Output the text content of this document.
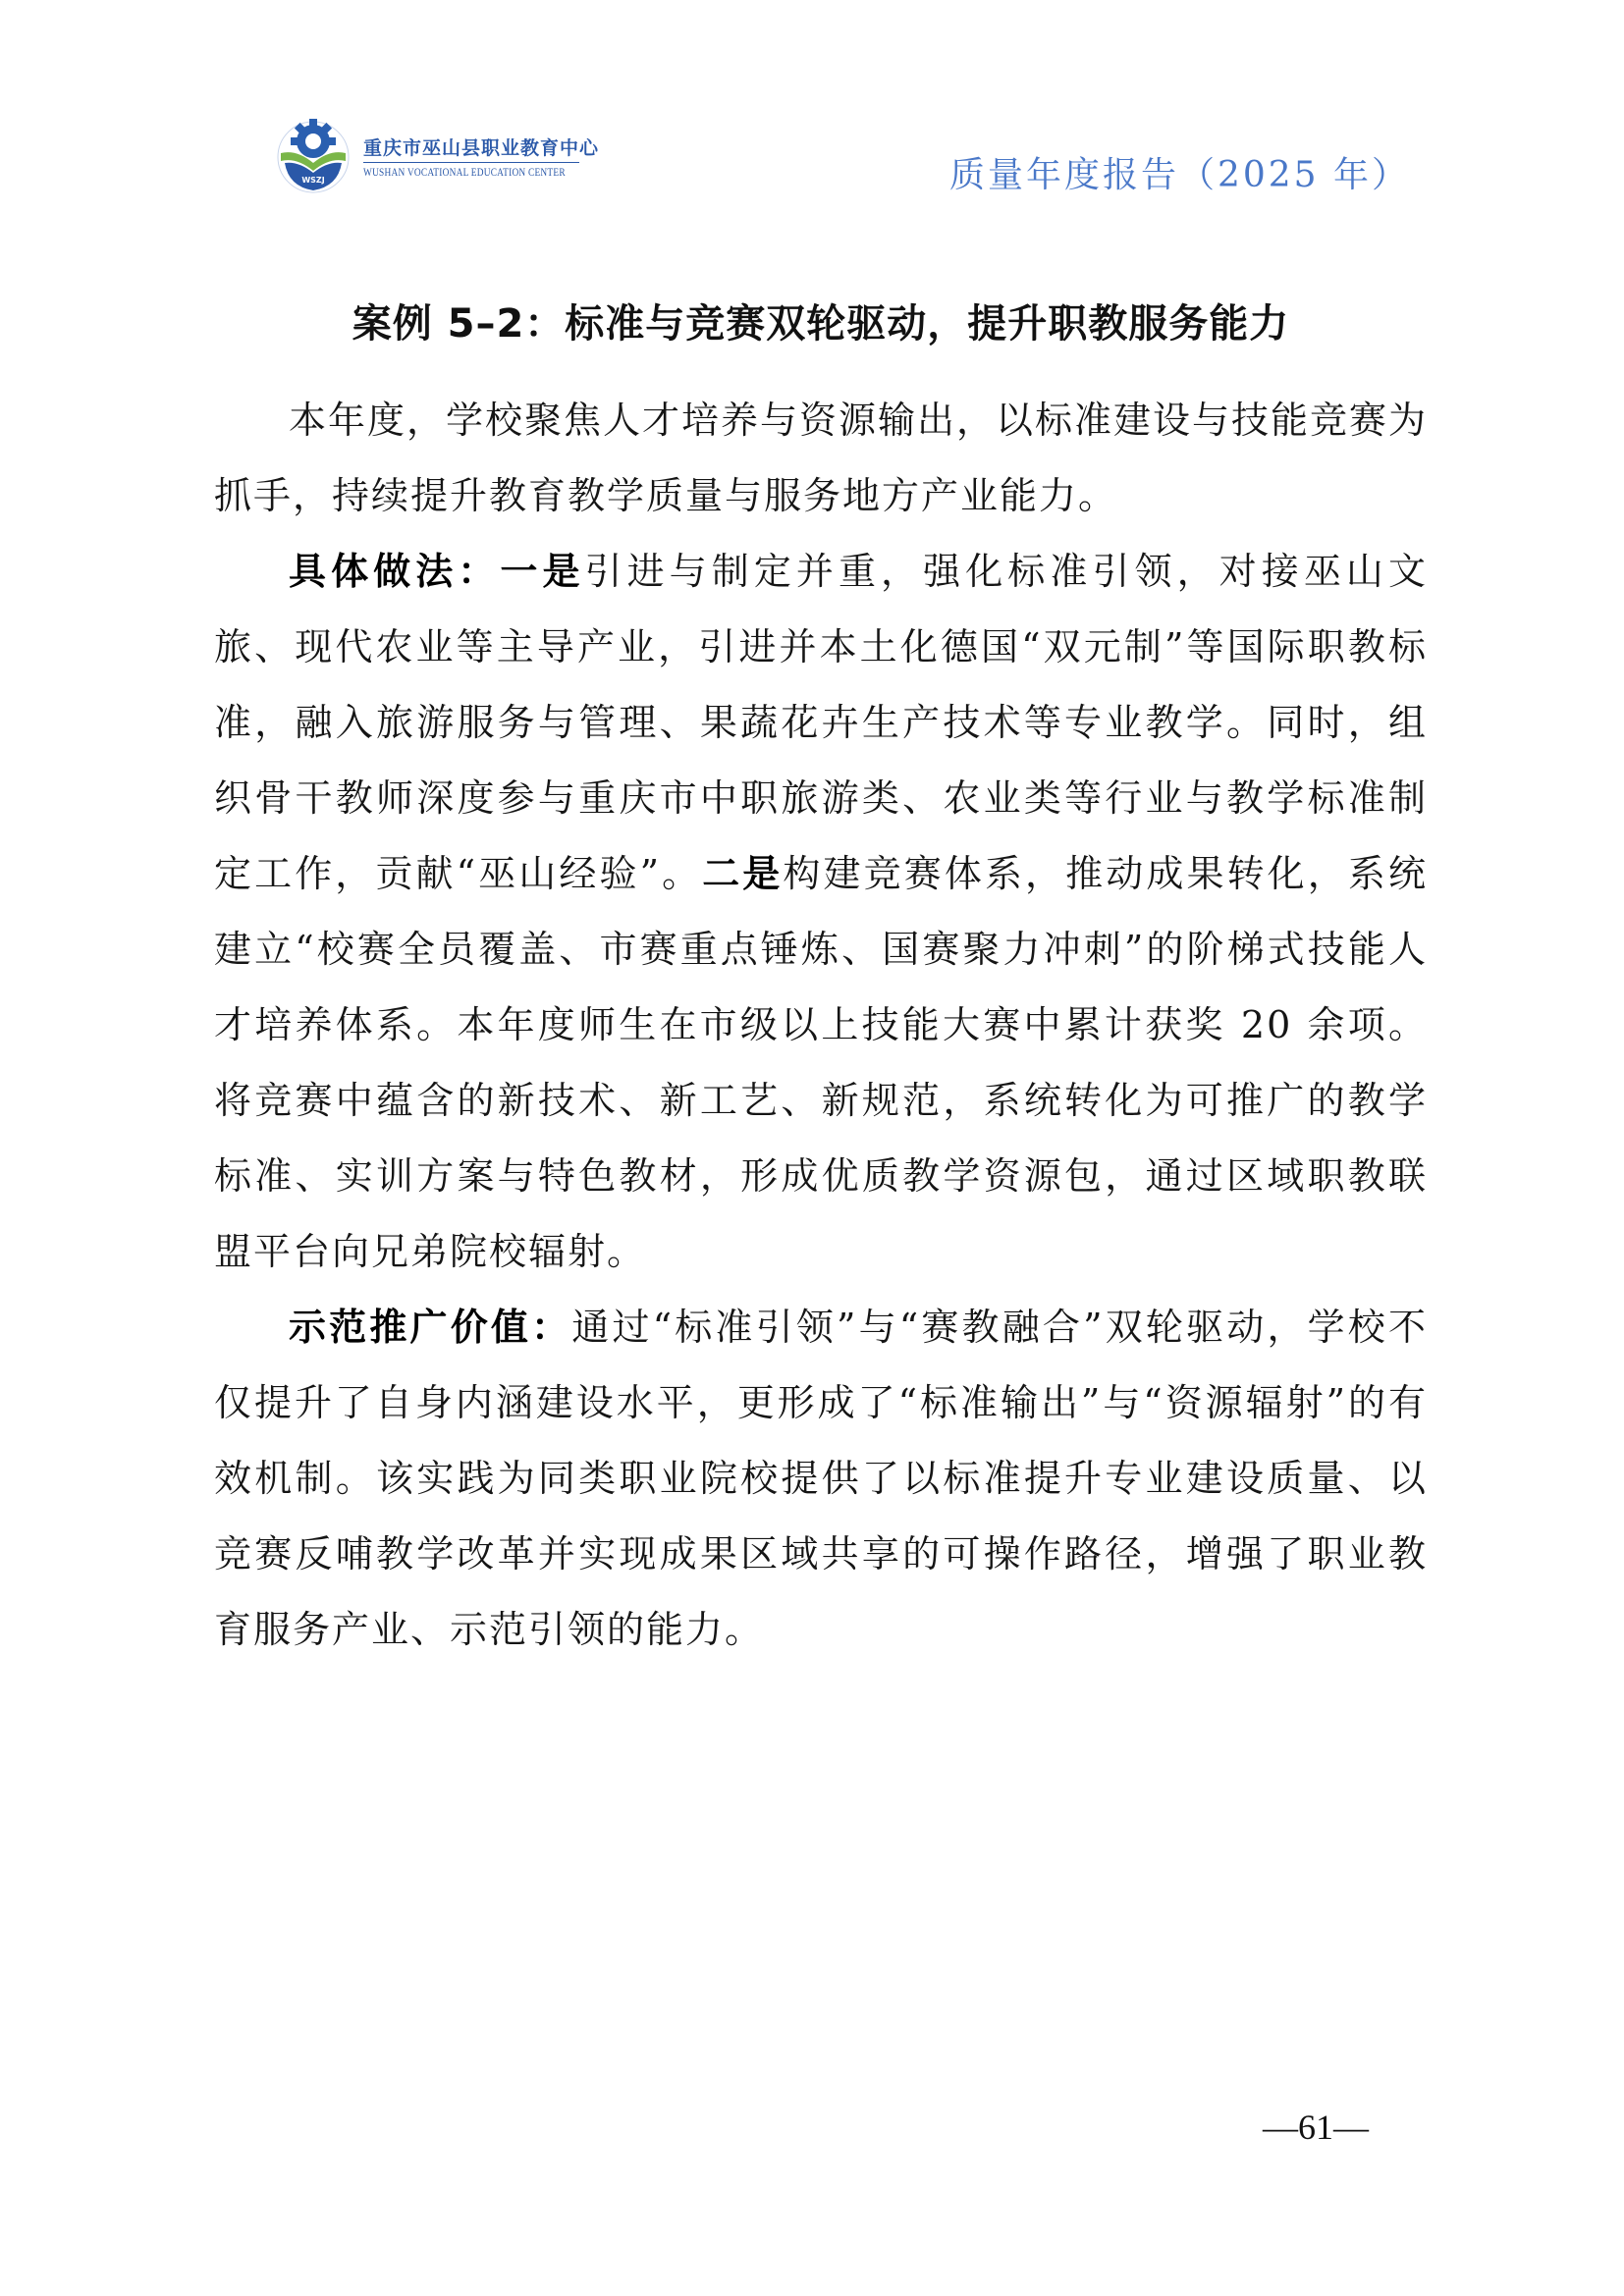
WSZJ
重庆市巫山县职业教育中心
WUSHAN VOCATIONAL EDUCATION CENTER	质量年度报告（2025 年）
案例 5–2：标准与竞赛双轮驱动，提升职教服务能力

本年度，学校聚焦人才培养与资源输出，以标准建设与技能竞赛为抓手，持续提升教育教学质量与服务地方产业能力。

具体做法：一是引进与制定并重，强化标准引领，对接巫山文旅、现代农业等主导产业，引进并本土化德国“双元制”等国际职教标准，融入旅游服务与管理、果蔬花卉生产技术等专业教学。同时，组织骨干教师深度参与重庆市中职旅游类、农业类等行业与教学标准制定工作，贡献“巫山经验”。二是构建竞赛体系，推动成果转化，系统建立“校赛全员覆盖、市赛重点锤炼、国赛聚力冲刺”的阶梯式技能人才培养体系。本年度师生在市级以上技能大赛中累计获奖 20 余项。将竞赛中蕴含的新技术、新工艺、新规范，系统转化为可推广的教学标准、实训方案与特色教材，形成优质教学资源包，通过区域职教联盟平台向兄弟院校辐射。

示范推广价值：通过“标准引领”与“赛教融合”双轮驱动，学校不仅提升了自身内涵建设水平，更形成了“标准输出”与“资源辐射”的有效机制。该实践为同类职业院校提供了以标准提升专业建设质量、以竞赛反哺教学改革并实现成果区域共享的可操作路径，增强了职业教育服务产业、示范引领的能力。

—61—
